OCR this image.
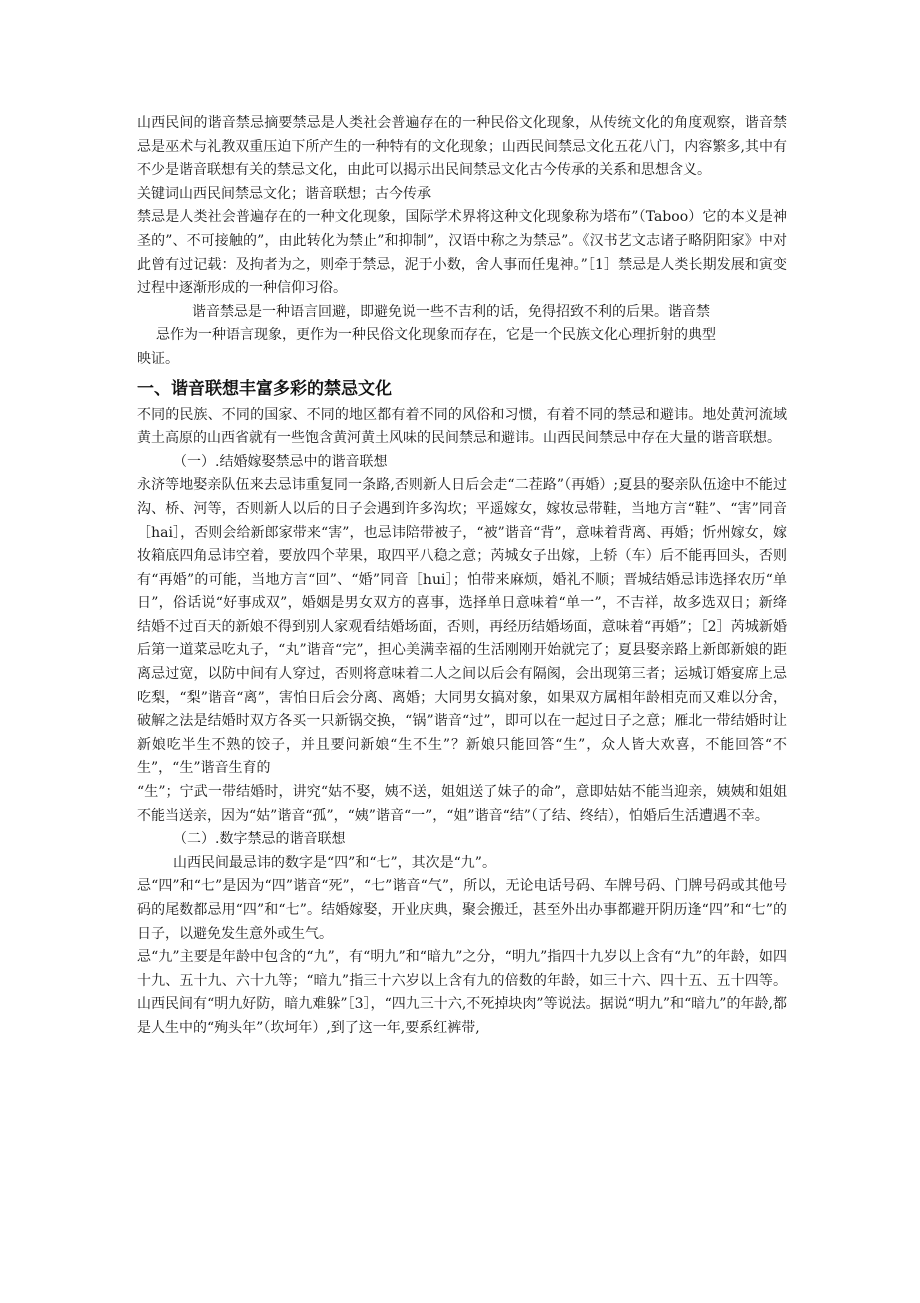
山西民间的谐音禁忌摘要禁忌是人类社会普遍存在的一种民俗文化现象，从传统文化的角度观察，谐音禁忌是巫术与礼教双重压迫下所产生的一种特有的文化现象；山西民间禁忌文化五花八门，内容繁多,其中有不少是谐音联想有关的禁忌文化，由此可以揭示出民间禁忌文化古今传承的关系和思想含义。

关键词山西民间禁忌文化；谐音联想；古今传承

禁忌是人类社会普遍存在的一种文化现象，国际学术界将这种文化现象称为塔布”（Taboo）它的本义是神圣的”、不可接触的”，由此转化为禁止”和抑制”，汉语中称之为禁忌”。《汉书艺文志诸子略阴阳家》中对此曾有过记载：及拘者为之，则牵于禁忌，泥于小数，舍人事而任鬼神。”［1］禁忌是人类长期发展和寅变过程中逐渐形成的一种信仰习俗。

谐音禁忌是一种语言回避，即避免说一些不吉利的话，免得招致不利的后果。谐音禁

忌作为一种语言现象，更作为一种民俗文化现象而存在，它是一个民族文化心理折射的典型

映证。

一、谐音联想丰富多彩的禁忌文化

不同的民族、不同的国家、不同的地区都有着不同的风俗和习惯，有着不同的禁忌和避讳。地处黄河流域黄土高原的山西省就有一些饱含黄河黄土风味的民间禁忌和避讳。山西民间禁忌中存在大量的谐音联想。

（一）.结婚嫁娶禁忌中的谐音联想

永济等地娶亲队伍来去忌讳重复同一条路,否则新人日后会走“二茬路”（再婚）;夏县的娶亲队伍途中不能过沟、桥、河等，否则新人以后的日子会遇到许多沟坎；平遥嫁女，嫁妆忌带鞋，当地方言“鞋”、“害”同音［hai］，否则会给新郎家带来“害”，也忌讳陪带被子，“被”谐音“背”，意味着背离、再婚；忻州嫁女，嫁妆箱底四角忌讳空着，要放四个苹果，取四平八稳之意；芮城女子出嫁，上轿（车）后不能再回头，否则有“再婚”的可能，当地方言“回”、“婚”同音［hui］；怕带来麻烦，婚礼不顺；晋城结婚忌讳选择农历“单日”，俗话说“好事成双”，婚姻是男女双方的喜事，选择单日意味着“单一”，不吉祥，故多选双日；新绛结婚不过百天的新娘不得到别人家观看结婚场面，否则，再经历结婚场面，意味着“再婚”；［2］芮城新婚后第一道菜忌吃丸子，“丸”谐音“完”，担心美满幸福的生活刚刚开始就完了；夏县娶亲路上新郎新娘的距离忌过宽，以防中间有人穿过，否则将意味着二人之间以后会有隔阂，会出现第三者；运城订婚宴席上忌吃梨，“梨”谐音“离”，害怕日后会分离、离婚；大同男女搞对象，如果双方属相年龄相克而又难以分舍，破解之法是结婚时双方各买一只新锅交换，“锅”谐音“过”，即可以在一起过日子之意；雁北一带结婚时让新娘吃半生不熟的饺子，并且要问新娘“生不生”？新娘只能回答“生”，众人皆大欢喜，不能回答“不生”，“生”谐音生育的

“生”；宁武一带结婚时，讲究“姑不娶，姨不送，姐姐送了妹子的命”，意即姑姑不能当迎亲，姨姨和姐姐不能当送亲，因为“姑”谐音“孤”，“姨”谐音“一”，“姐”谐音“结”（了结、终结），怕婚后生活遭遇不幸。

（二）.数字禁忌的谐音联想

山西民间最忌讳的数字是“四”和“七”，其次是“九”。

忌“四”和“七”是因为“四”谐音“死”，“七”谐音“气”，所以，无论电话号码、车牌号码、门牌号码或其他号码的尾数都忌用“四”和“七”。结婚嫁娶，开业庆典，聚会搬迁，甚至外出办事都避开阴历逢“四”和“七”的日子，以避免发生意外或生气。

忌“九”主要是年龄中包含的“九”，有“明九”和“暗九”之分，“明九”指四十九岁以上含有“九”的年龄，如四十九、五十九、六十九等；“暗九”指三十六岁以上含有九的倍数的年龄，如三十六、四十五、五十四等。山西民间有“明九好防，暗九难躲”［3］，“四九三十六,不死掉块肉”等说法。据说“明九”和“暗九”的年龄,都是人生中的“殉头年”（坎坷年）,到了这一年,要系红裤带,
